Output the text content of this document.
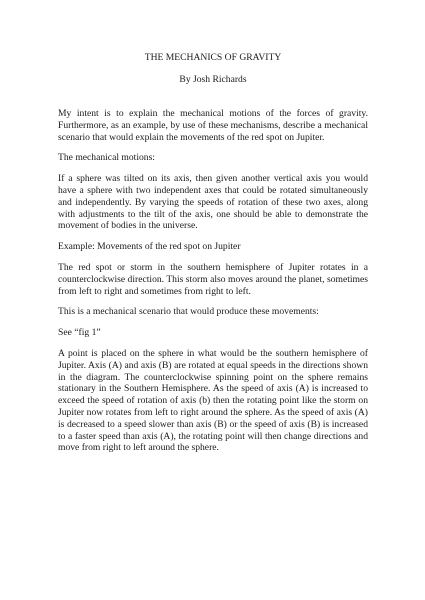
THE MECHANICS OF GRAVITY

By Josh Richards

My intent is to explain the mechanical motions of the forces of gravity. Furthermore, as an example, by use of these mechanisms, describe a mechanical scenario that would explain the movements of the red spot on Jupiter.

The mechanical motions:

If a sphere was tilted on its axis, then given another vertical axis you would have a sphere with two independent axes that could be rotated simultaneously and independently. By varying the speeds of rotation of these two axes, along with adjustments to the tilt of the axis, one should be able to demonstrate the movement of bodies in the universe.

Example: Movements of the red spot on Jupiter

The red spot or storm in the southern hemisphere of Jupiter rotates in a counterclockwise direction. This storm also moves around the planet, sometimes from left to right and sometimes from right to left.

This is a mechanical scenario that would produce these movements:

See “fig 1”

A point is placed on the sphere in what would be the southern hemisphere of Jupiter. Axis (A) and axis (B) are rotated at equal speeds in the directions shown in the diagram. The counterclockwise spinning point on the sphere remains stationary in the Southern Hemisphere. As the speed of axis (A) is increased to exceed the speed of rotation of axis (b) then the rotating point like the storm on Jupiter now rotates from left to right around the sphere. As the speed of axis (A) is decreased to a speed slower than axis (B) or the speed of axis (B) is increased to a faster speed than axis (A), the rotating point will then change directions and move from right to left around the sphere.
